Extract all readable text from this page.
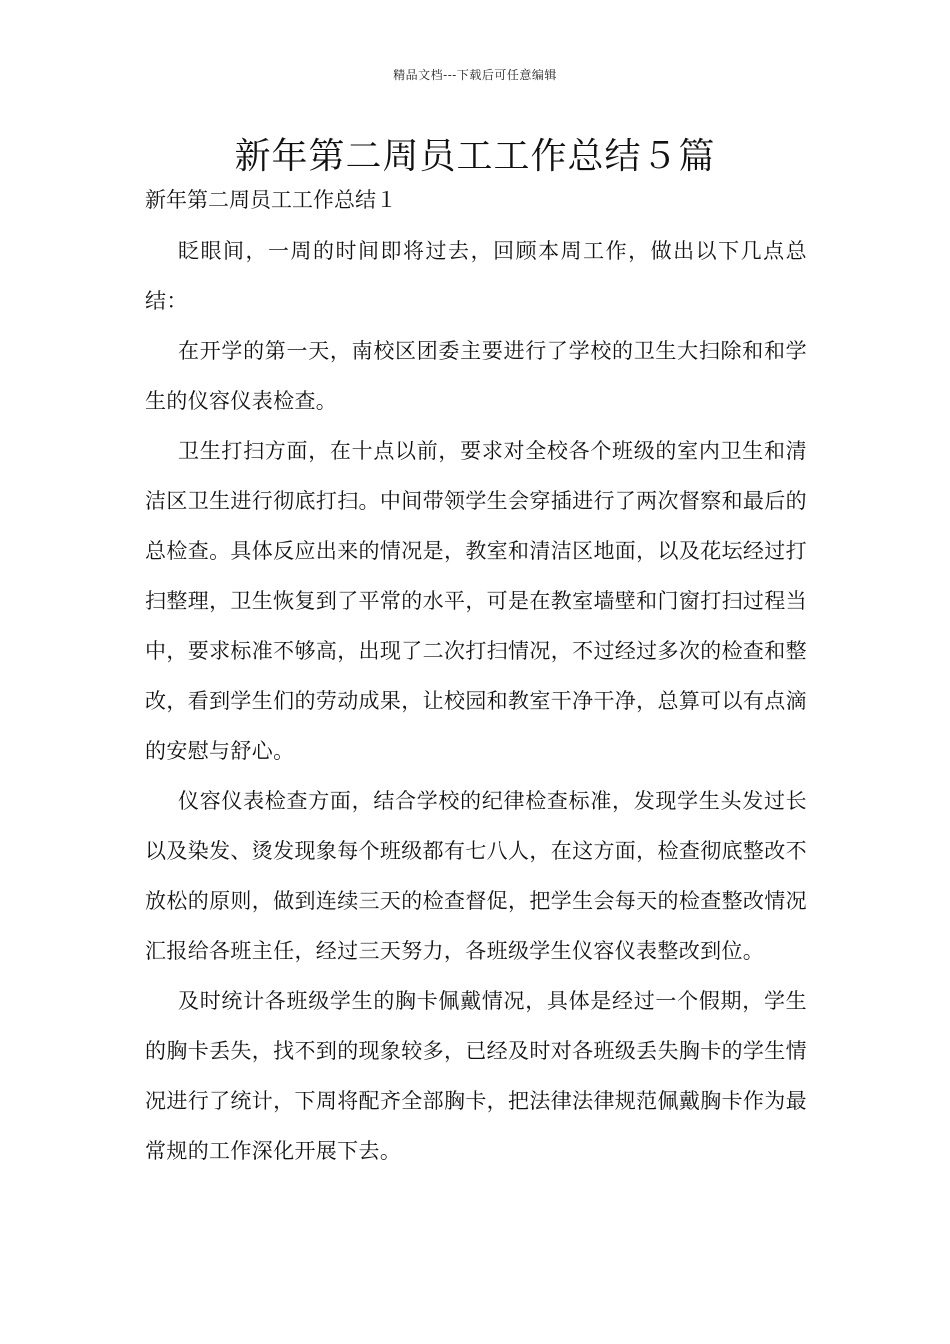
精品文档---下载后可任意编辑
新年第二周员工工作总结５篇
新年第二周员工工作总结１

眨眼间，一周的时间即将过去，回顾本周工作，做出以下几点总结：

在开学的第一天，南校区团委主要进行了学校的卫生大扫除和和学生的仪容仪表检查。

卫生打扫方面，在十点以前，要求对全校各个班级的室内卫生和清洁区卫生进行彻底打扫。中间带领学生会穿插进行了两次督察和最后的总检查。具体反应出来的情况是，教室和清洁区地面，以及花坛经过打扫整理，卫生恢复到了平常的水平，可是在教室墙壁和门窗打扫过程当中，要求标准不够高，出现了二次打扫情况，不过经过多次的检查和整改，看到学生们的劳动成果，让校园和教室干净干净，总算可以有点滴的安慰与舒心。

仪容仪表检查方面，结合学校的纪律检查标准，发现学生头发过长以及染发、烫发现象每个班级都有七八人，在这方面，检查彻底整改不放松的原则，做到连续三天的检查督促，把学生会每天的检查整改情况汇报给各班主任，经过三天努力，各班级学生仪容仪表整改到位。

及时统计各班级学生的胸卡佩戴情况，具体是经过一个假期，学生的胸卡丢失，找不到的现象较多，已经及时对各班级丢失胸卡的学生情况进行了统计，下周将配齐全部胸卡，把法律法律规范佩戴胸卡作为最常规的工作深化开展下去。
